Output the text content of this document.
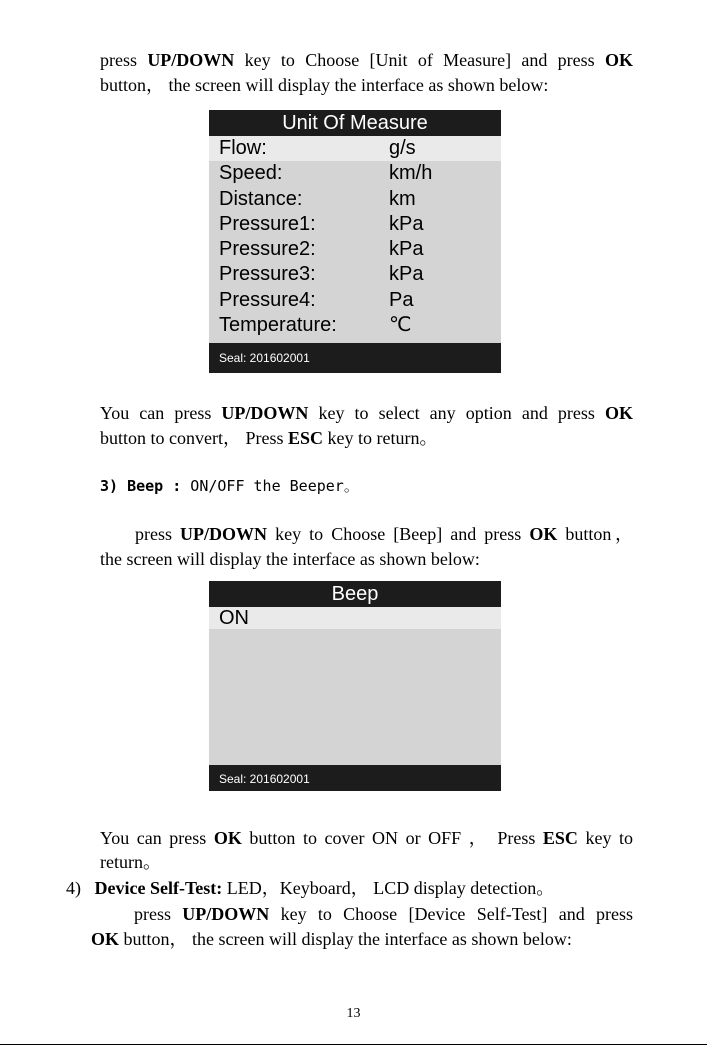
press UP/DOWN key to Choose [Unit of Measure] and press OK
button， the screen will display the interface as shown below:
Unit Of Measure
Flow:	g/s
Speed:	km/h
Distance:	km
Pressure1:	kPa
Pressure2:	kPa
Pressure3:	kPa
Pressure4:	Pa
Temperature:	℃
Seal: 201602001
You can press UP/DOWN key to select any option and press OK
button to convert， Press ESC key to return。
3) Beep : ON/OFF the Beeper。
press UP/DOWN key to Choose [Beep] and press OK button，
the screen will display the interface as shown below:
Beep
ON
Seal: 201602001
You can press OK button to cover ON or OFF ， Press ESC key to
return。
4) Device Self-Test: LED，Keyboard， LCD display detection。
press UP/DOWN key to Choose [Device Self-Test] and press
OK button， the screen will display the interface as shown below:
13
